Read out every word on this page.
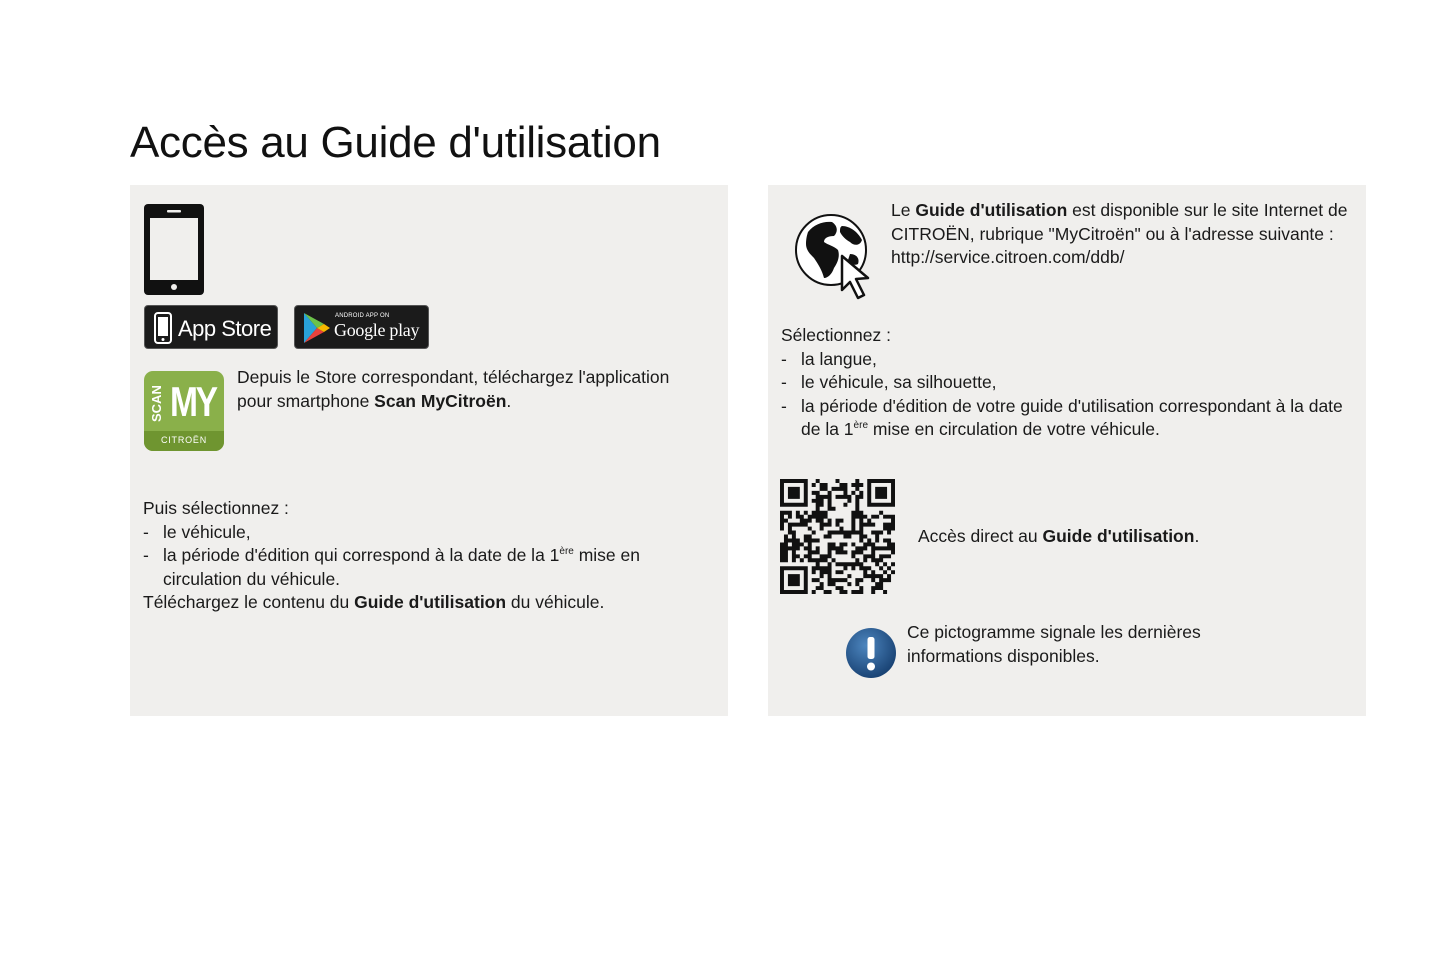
Accès au Guide d'utilisation
App Store	ANDROID APP ON
Google play
SCAN MY
CITROËN
Depuis le Store correspondant, téléchargez l'application pour smartphone Scan MyCitroën.
Puis sélectionnez :
- le véhicule,
- la période d'édition qui correspond à la date de la 1ère mise en circulation du véhicule.
Téléchargez le contenu du Guide d'utilisation du véhicule.
Le Guide d'utilisation est disponible sur le site Internet de CITROËN, rubrique "MyCitroën" ou à l'adresse suivante :
http://service.citroen.com/ddb/
Sélectionnez :
- la langue,
- le véhicule, sa silhouette,
- la période d'édition de votre guide d'utilisation correspondant à la date de la 1ère mise en circulation de votre véhicule.
Accès direct au Guide d'utilisation.
Ce pictogramme signale les dernières informations disponibles.
